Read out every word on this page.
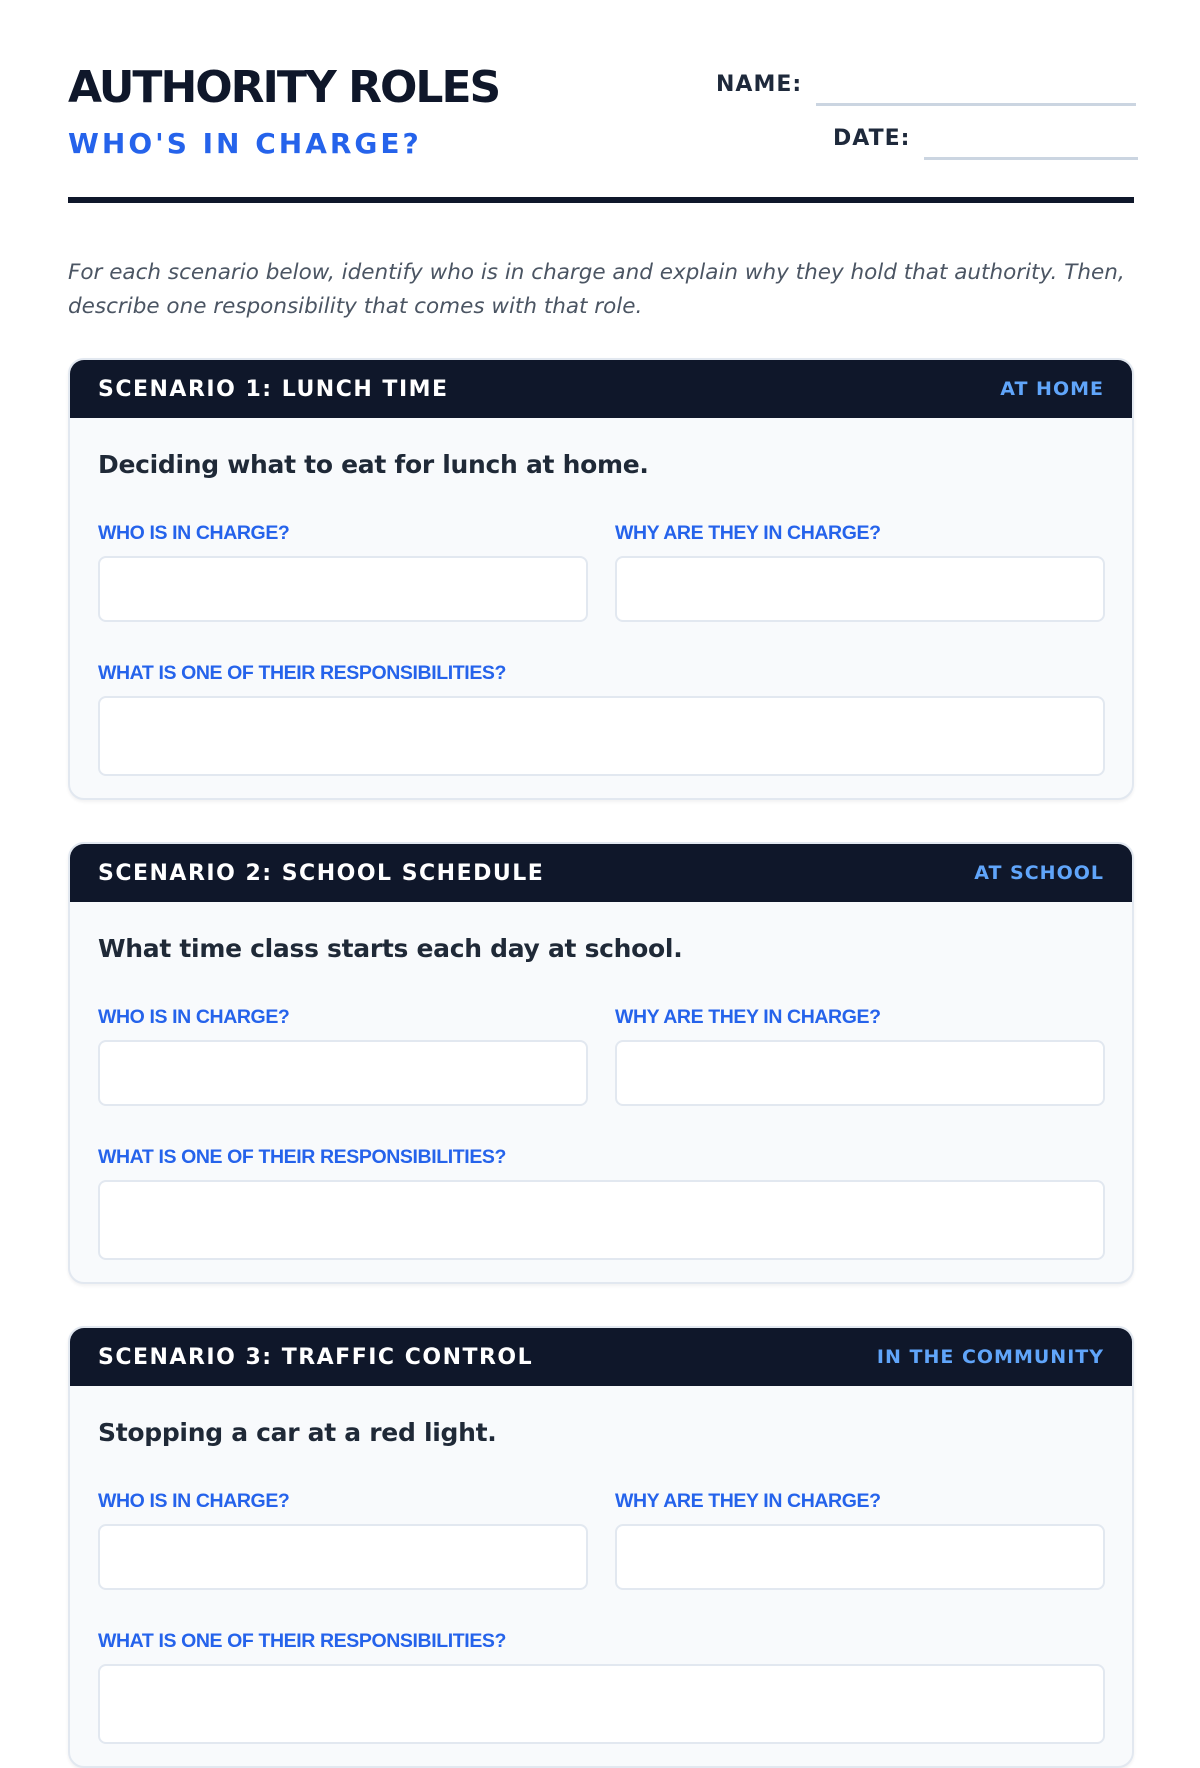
AUTHORITY ROLES
WHO'S IN CHARGE?
NAME:
DATE:
For each scenario below, identify who is in charge and explain why they hold that authority. Then, describe one responsibility that comes with that role.
SCENARIO 1: LUNCH TIME	AT HOME
Deciding what to eat for lunch at home.
WHO IS IN CHARGE?	WHY ARE THEY IN CHARGE?
WHAT IS ONE OF THEIR RESPONSIBILITIES?
SCENARIO 2: SCHOOL SCHEDULE	AT SCHOOL
What time class starts each day at school.
WHO IS IN CHARGE?	WHY ARE THEY IN CHARGE?
WHAT IS ONE OF THEIR RESPONSIBILITIES?
SCENARIO 3: TRAFFIC CONTROL	IN THE COMMUNITY
Stopping a car at a red light.
WHO IS IN CHARGE?	WHY ARE THEY IN CHARGE?
WHAT IS ONE OF THEIR RESPONSIBILITIES?
